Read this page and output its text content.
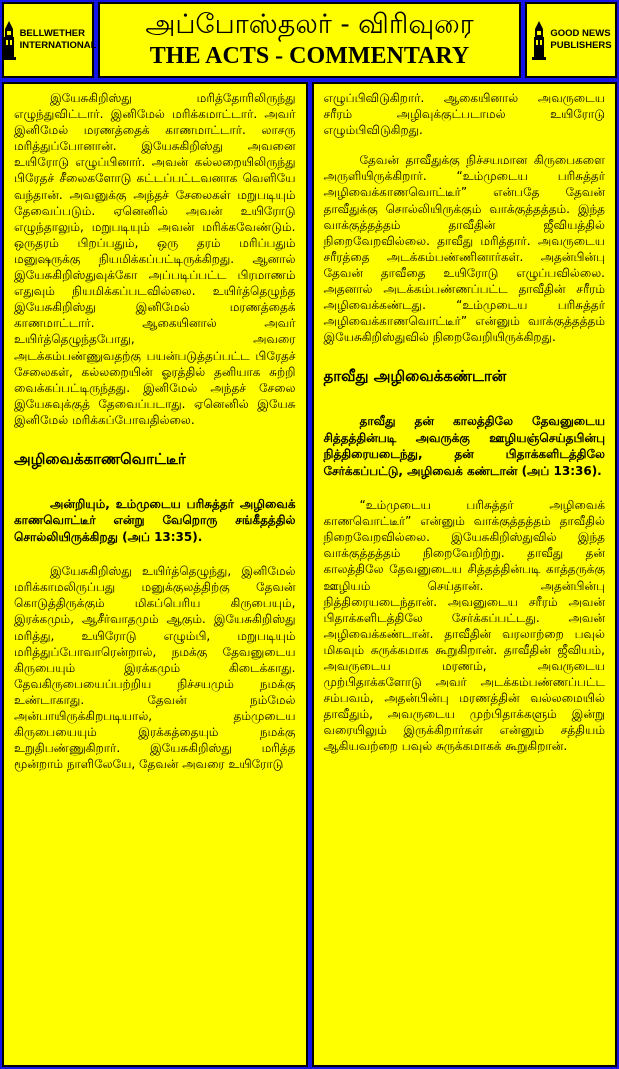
BELLWETHER
INTERNATIONAL
அப்போஸ்தலர் - விரிவுரை
THE ACTS - COMMENTARY
GOOD NEWS
PUBLISHERS

இயேசுகிறிஸ்து மரித்தோரிலிருந்து எழுந்துவிட்டார். இனிமேல் மரிக்கமாட்டார். அவர் இனிமேல் மரணத்தைக் காணமாட்டார். லாசரு மரித்துப்போனான். இயேசுகிறிஸ்து அவனை உயிரோடு எழுப்பினார். அவன் கல்லறையிலிருந்து பிரேதச் சீலைகளோடு கட்டப்பட்டவனாக வெளியே வந்தான். அவனுக்கு அந்தச் சேலைகள் மறுபடியும் தேவைப்படும். ஏனெனில் அவன் உயிரோடு எழுந்தாலும், மறுபடியும் அவன் மரிக்கவேண்டும். ஒருதரம் பிறப்பதும், ஒரு தரம் மரிப்பதும் மனுஷருக்கு நியமிக்கப்பட்டிருக்கிறது. ஆனால் இயேசுகிறிஸ்துவுக்கோ அப்படிப்பட்ட பிரமாணம் எதுவும் நியமிக்கப்படவில்லை. உயிர்த்தெழுந்த இயேசுகிறிஸ்து இனிமேல் மரணத்தைக் காணமாட்டார். ஆகையினால் அவர் உயிர்த்தெழுந்தபோது, அவரை அடக்கம்பண்ணுவதற்கு பயன்படுத்தப்பட்ட பிரேதச் சேலைகள், கல்லறையின் ஓரத்தில் தனியாக சுற்றி வைக்கப்பட்டிருந்தது. இனிமேல் அந்தச் சேலை இயேசுவுக்குத் தேவைப்படாது. ஏனெனில் இயேசு இனிமேல் மரிக்கப்போவதில்லை.

அழிவைக்காணவொட்டீர்

அன்றியும், உம்முடைய பரிசுத்தர் அழிவைக் காணவொட்டீர் என்று வேறொரு சங்கீதத்தில் சொல்லியிருக்கிறது (அப் 13:35).

இயேசுகிறிஸ்து உயிர்த்தெழுந்து, இனிமேல் மரிக்காமலிருப்பது மனுக்குலத்திற்கு தேவன் கொடுத்திருக்கும் மிகப்பெரிய கிருபையும், இரக்கமும், ஆசீர்வாதமும் ஆகும். இயேசுகிறிஸ்து மரித்து, உயிரோடு எழும்பி, மறுபடியும் மரித்துப்போவாரென்றால், நமக்கு தேவனுடைய கிருபையும் இரக்கமும் கிடைக்காது. தேவகிருபையைப்பற்றிய நிச்சயமும் நமக்கு உண்டாகாது. தேவன் நம்மேல் அன்பாயிருக்கிறபடியால், தம்முடைய கிருபையையும் இரக்கத்தையும் நமக்கு உறுதிபண்ணுகிறார். இயேசுகிறிஸ்து மரித்த மூன்றாம் நாளிலேயே, தேவன் அவரை உயிரோடு

எழுப்பிவிடுகிறார். ஆகையினால் அவருடைய சரீரம் அழிவுக்குட்படாமல் உயிரோடு எழும்பிவிடுகிறது.

தேவன் தாவீதுக்கு நிச்சயமான கிருபைகளை அருளியிருக்கிறார். “உம்முடைய பரிசுத்தர் அழிவைக்காணவொட்டீர்” என்பதே தேவன் தாவீதுக்கு சொல்லியிருக்கும் வாக்குத்தத்தம். இந்த வாக்குத்தத்தம் தாவீதின் ஜீவியத்தில் நிறைவேறவில்லை. தாவீது மரித்தார். அவருடைய சரீரத்தை அடக்கம்பண்ணினார்கள். அதன்பின்பு தேவன் தாவீதை உயிரோடு எழுப்பவில்லை. அதனால் அடக்கம்பண்ணப்பட்ட தாவீதின் சரீரம் அழிவைக்கண்டது. “உம்முடைய பரிசுத்தர் அழிவைக்காணவொட்டீர்” என்னும் வாக்குத்தத்தம் இயேசுகிறிஸ்துவில் நிறைவேறியிருக்கிறது.

தாவீது அழிவைக்கண்டான்

தாவீது தன் காலத்திலே தேவனுடைய சித்தத்தின்படி அவருக்கு ஊழியஞ்செய்தபின்பு நித்திரையடைந்து, தன் பிதாக்களிடத்திலே சேர்க்கப்பட்டு, அழிவைக் கண்டான் (அப் 13:36).

“உம்முடைய பரிசுத்தர் அழிவைக் காணவொட்டீர்” என்னும் வாக்குத்தத்தம் தாவீதில் நிறைவேறவில்லை. இயேசுகிறிஸ்துவில் இந்த வாக்குத்தத்தம் நிறைவேறிற்று. தாவீது தன் காலத்திலே தேவனுடைய சித்தத்தின்படி காத்தருக்கு ஊழியம் செய்தான். அதன்பின்பு நித்திரையடைந்தான். அவனுடைய சரீரம் அவன் பிதாக்களிடத்திலே சேர்க்கப்பட்டது. அவன் அழிவைக்கண்டான். தாவீதின் வரலாற்றை பவுல் மிகவும் சுருக்கமாக கூறுகிறான். தாவீதின் ஜீவியம், அவருடைய மரணம், அவருடைய முற்பிதாக்களோடு அவர் அடக்கம்பண்ணப்பட்ட சம்பவம், அதன்பின்பு மரணத்தின் வல்லமையில் தாவீதும், அவருடைய முற்பிதாக்களும் இன்று வரையிலும் இருக்கிறார்கள் என்னும் சத்தியம் ஆகியவற்றை பவுல் சுருக்கமாகக் கூறுகிறான்.
